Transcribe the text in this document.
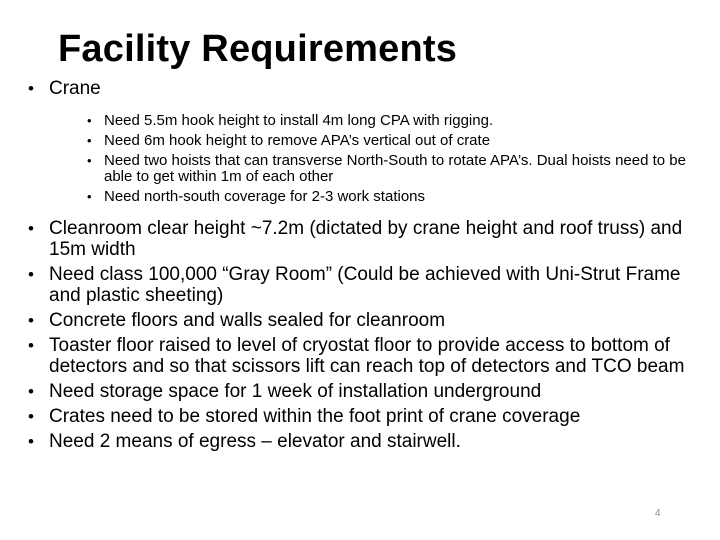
Facility Requirements
• Crane
• Need 5.5m hook height to install 4m long CPA with rigging.
• Need 6m hook height to remove APA’s vertical out of crate
• Need two hoists that can transverse North-South to rotate APA’s. Dual hoists need to be able to get within 1m of each other
• Need north-south coverage for 2-3 work stations
• Cleanroom clear height ~7.2m (dictated by crane height and roof truss) and 15m width
• Need class 100,000 “Gray Room” (Could be achieved with Uni-Strut Frame and plastic sheeting)
• Concrete floors and walls sealed for cleanroom
• Toaster floor raised to level of cryostat floor to provide access to bottom of detectors and so that scissors lift can reach top of detectors and TCO beam
• Need storage space for 1 week of installation underground
• Crates need to be stored within the foot print of crane coverage
• Need 2 means of egress – elevator and stairwell.
4
